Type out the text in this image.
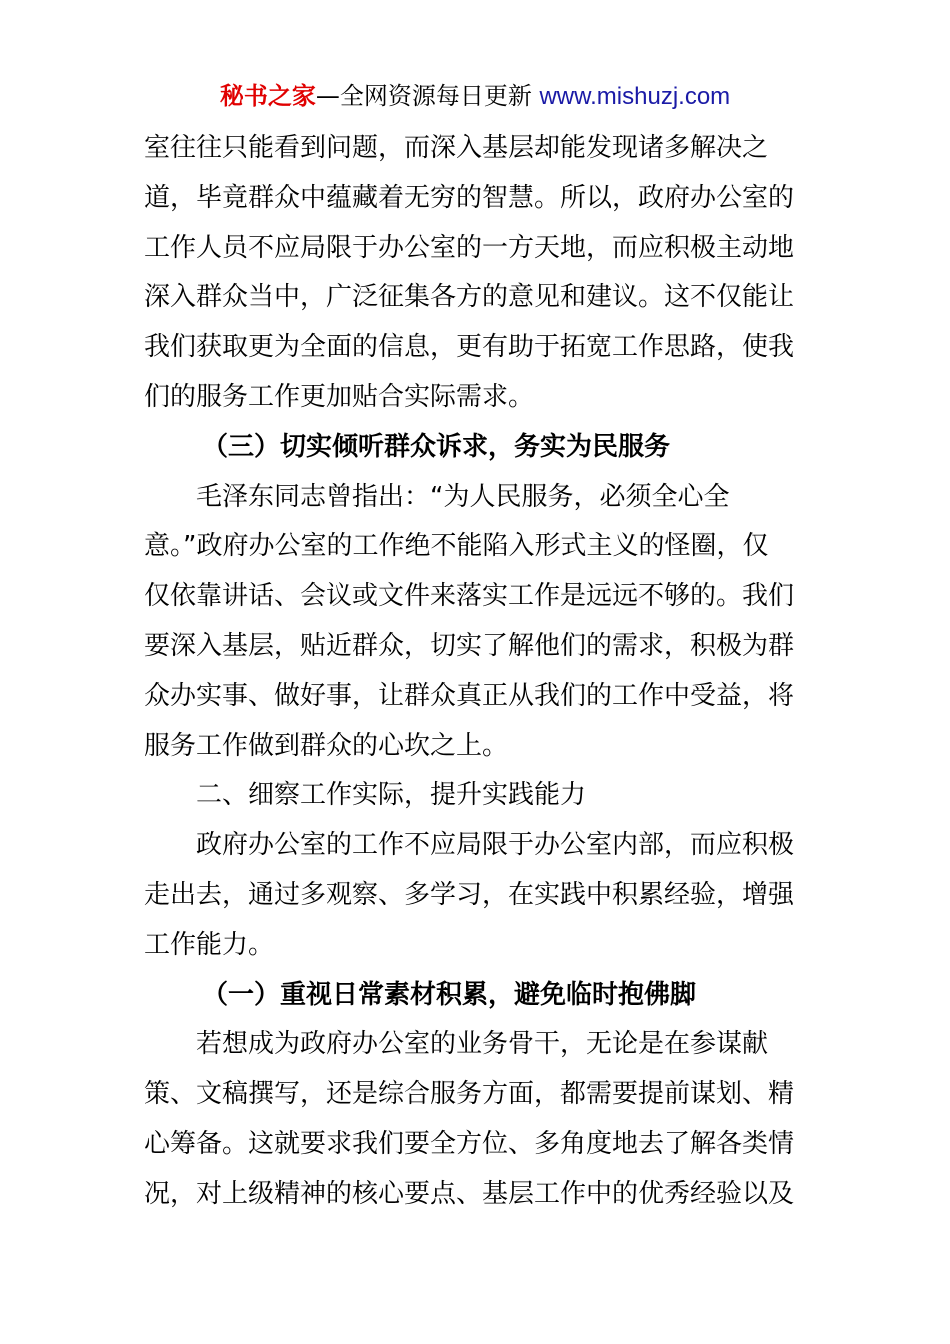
秘书之家—全网资源每日更新 www.mishuzj.com
室往往只能看到问题，而深入基层却能发现诸多解决之
道，毕竟群众中蕴藏着无穷的智慧。所以，政府办公室的
工作人员不应局限于办公室的一方天地，而应积极主动地
深入群众当中，广泛征集各方的意见和建议。这不仅能让
我们获取更为全面的信息，更有助于拓宽工作思路，使我
们的服务工作更加贴合实际需求。
（三）切实倾听群众诉求，务实为民服务
毛泽东同志曾指出：“为人民服务，必须全心全
意。”政府办公室的工作绝不能陷入形式主义的怪圈，仅
仅依靠讲话、会议或文件来落实工作是远远不够的。我们
要深入基层，贴近群众，切实了解他们的需求，积极为群
众办实事、做好事，让群众真正从我们的工作中受益，将
服务工作做到群众的心坎之上。
二、细察工作实际，提升实践能力
政府办公室的工作不应局限于办公室内部，而应积极
走出去，通过多观察、多学习，在实践中积累经验，增强
工作能力。
（一）重视日常素材积累，避免临时抱佛脚
若想成为政府办公室的业务骨干，无论是在参谋献
策、文稿撰写，还是综合服务方面，都需要提前谋划、精
心筹备。这就要求我们要全方位、多角度地去了解各类情
况，对上级精神的核心要点、基层工作中的优秀经验以及
